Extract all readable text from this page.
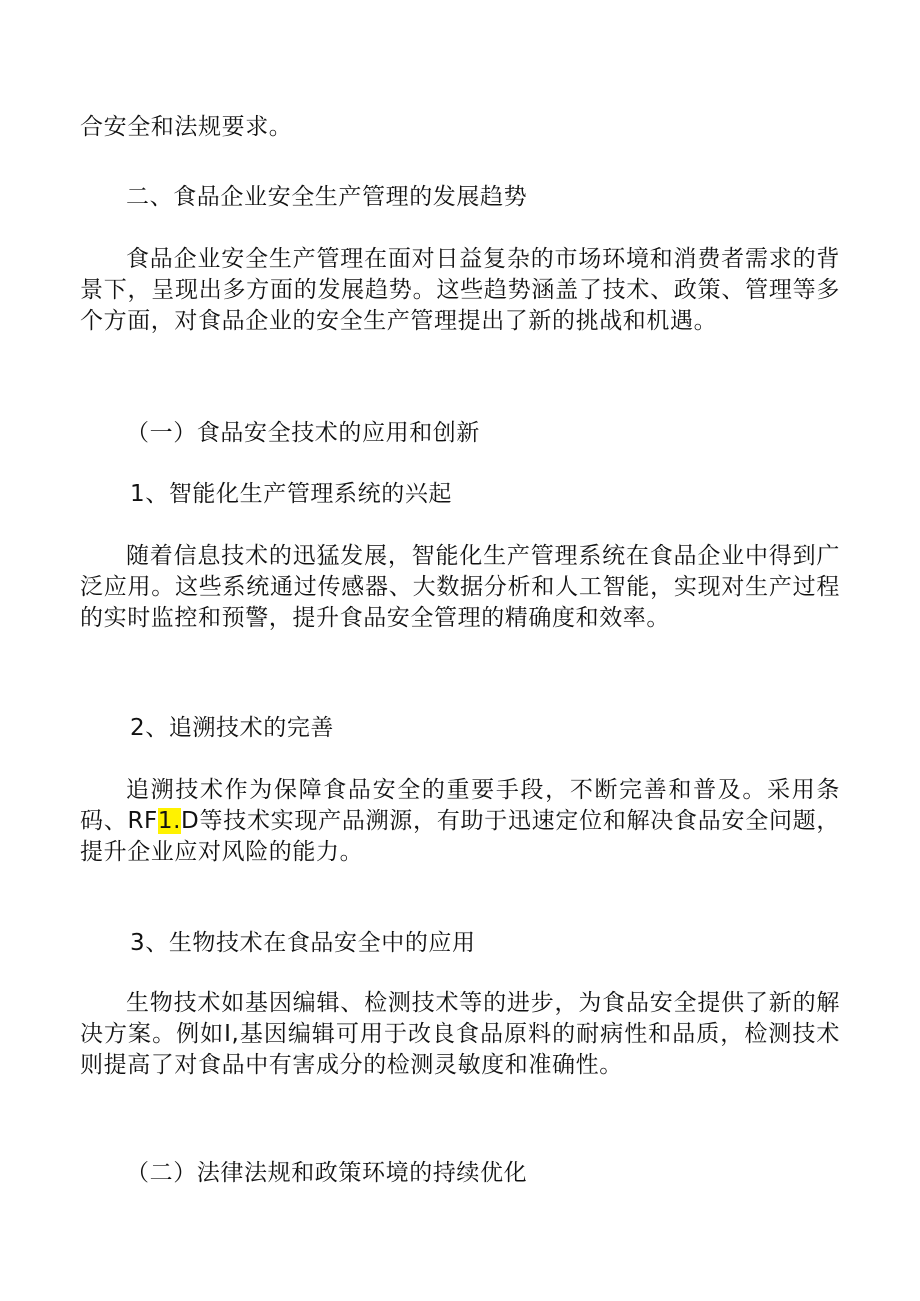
合安全和法规要求。

二、食品企业安全生产管理的发展趋势

食品企业安全生产管理在面对日益复杂的市场环境和消费者需求的背景下，呈现出多方面的发展趋势。这些趋势涵盖了技术、政策、管理等多个方面，对食品企业的安全生产管理提出了新的挑战和机遇。

（一）食品安全技术的应用和创新

1、智能化生产管理系统的兴起

随着信息技术的迅猛发展，智能化生产管理系统在食品企业中得到广泛应用。这些系统通过传感器、大数据分析和人工智能，实现对生产过程的实时监控和预警，提升食品安全管理的精确度和效率。

2、追溯技术的完善

追溯技术作为保障食品安全的重要手段，不断完善和普及。采用条码、RF1.D等技术实现产品溯源，有助于迅速定位和解决食品安全问题，提升企业应对风险的能力。

3、生物技术在食品安全中的应用

生物技术如基因编辑、检测技术等的进步，为食品安全提供了新的解决方案。例如I,基因编辑可用于改良食品原料的耐病性和品质，检测技术则提高了对食品中有害成分的检测灵敏度和准确性。

（二）法律法规和政策环境的持续优化
